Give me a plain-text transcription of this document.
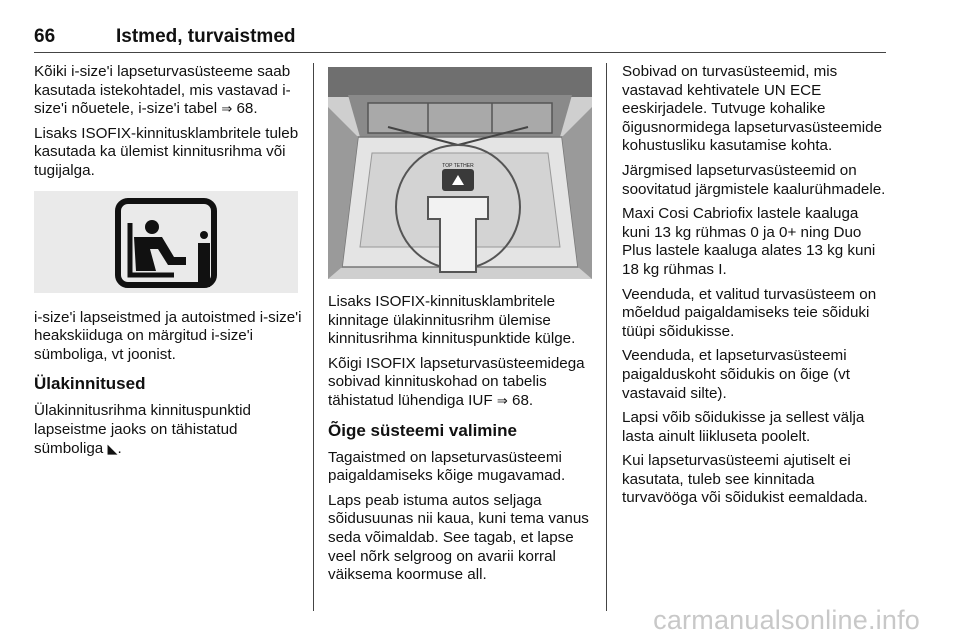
66	Istmed, turvaistmed

Kõiki i-size'i lapseturvasüsteeme saab kasutada istekohtadel, mis vastavad i-size'i nõuetele, i-size'i tabel ⇒ 68.

Lisaks ISOFIX-kinnitusklambritele tuleb kasutada ka ülemist kinnitusrihma või tugijalga.

i-size'i lapseistmed ja autoistmed i-size'i heakskiiduga on märgitud i-size'i sümboliga, vt joonist.

Ülakinnitused

Ülakinnitusrihma kinnituspunktid lapseistme jaoks on tähistatud sümboliga ◣.

TOP TETHER

Lisaks ISOFIX-kinnitusklambritele kinnitage ülakinnitusrihm ülemise kinnitusrihma kinnituspunktide külge.

Kõigi ISOFIX lapseturvasüsteemidega sobivad kinnituskohad on tabelis tähistatud lühendiga IUF ⇒ 68.

Õige süsteemi valimine

Tagaistmed on lapseturvasüsteemi paigaldamiseks kõige mugavamad.

Laps peab istuma autos seljaga sõidusuunas nii kaua, kuni tema vanus seda võimaldab. See tagab, et lapse veel nõrk selgroog on avarii korral väiksema koormuse all.

Sobivad on turvasüsteemid, mis vastavad kehtivatele UN ECE eeskirjadele. Tutvuge kohalike õigusnormidega lapseturvasüsteemide kohustusliku kasutamise kohta.

Järgmised lapseturvasüsteemid on soovitatud järgmistele kaalurühmadele.

Maxi Cosi Cabriofix lastele kaaluga kuni 13 kg rühmas 0 ja 0+ ning Duo Plus lastele kaaluga alates 13 kg kuni 18 kg rühmas I.

Veenduda, et valitud turvasüsteem on mõeldud paigaldamiseks teie sõiduki tüüpi sõidukisse.

Veenduda, et lapseturvasüsteemi paigalduskoht sõidukis on õige (vt vastavaid silte).

Lapsi võib sõidukisse ja sellest välja lasta ainult liikluseta poolelt.

Kui lapseturvasüsteemi ajutiselt ei kasutata, tuleb see kinnitada turvavööga või sõidukist eemaldada.

carmanualsonline.info
